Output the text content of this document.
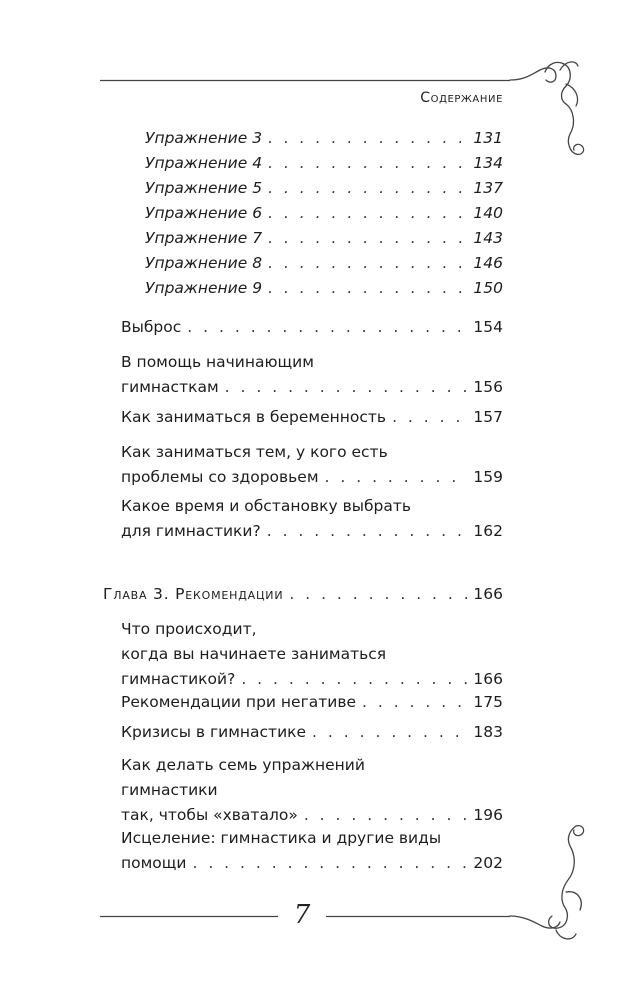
Содержание
Упражнение 3 . . .	131
Упражнение 4 . . .	134
Упражнение 5 . . .	137
Упражнение 6 . . .	140
Упражнение 7 . . .	143
Упражнение 8 . . .	146
Упражнение 9 . . .	150
Выброс . . .	154
В помощь начинающим
гимнасткам . . .	156
Как заниматься в беременность . . .	157
Как заниматься тем, у кого есть
проблемы со здоровьем . . .	159
Какое время и обстановку выбрать
для гимнастики? . . .	162
Глава 3. Рекомендации . . .	166
Что происходит,
когда вы начинаете заниматься
гимнастикой? . . .	166
Рекомендации при негативе . . .	175
Кризисы в гимнастике . . .	183
Как делать семь упражнений
гимнастики
так, чтобы «хватало» . . .	196
Исцеление: гимнастика и другие виды
помощи . . .	202
7
